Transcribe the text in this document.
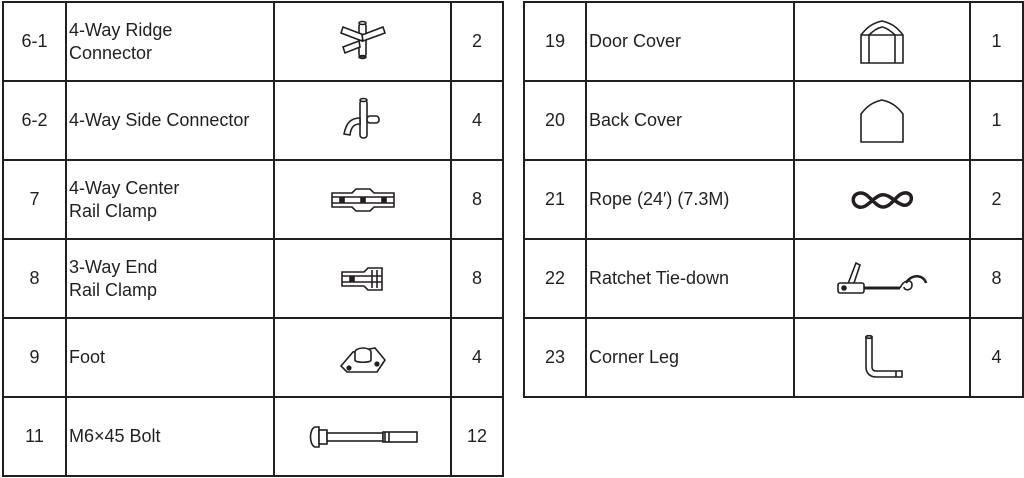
6-1	4-Way Ridge
Connector		2
6-2	4-Way Side Connector		4
7	4-Way Center
Rail Clamp		8
8	3-Way End
Rail Clamp		8
9	Foot		4
11	M6×45 Bolt		12
19	Door Cover		1
20	Back Cover		1
21	Rope (24′) (7.3M)		2
22	Ratchet Tie-down		8
23	Corner Leg		4
